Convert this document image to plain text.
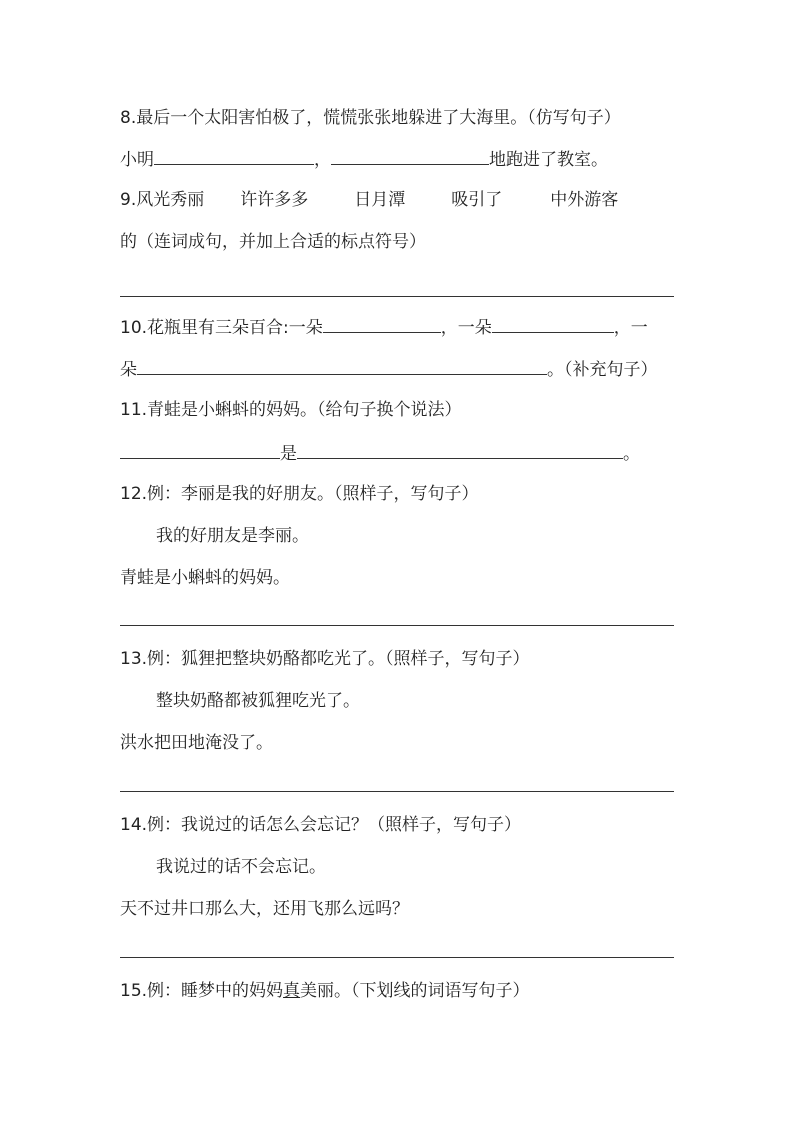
8.最后一个太阳害怕极了，慌慌张张地躲进了大海里。（仿写句子）
小明	，	地跑进了教室。
9.风光秀丽 许许多多	日月潭	吸引了	中外游客
的（连词成句，并加上合适的标点符号）
10.花瓶里有三朵百合:一朵	，一朵	，一
朵	。（补充句子）
11.青蛙是小蝌蚪的妈妈。（给句子换个说法）
是	。
12.例：李丽是我的好朋友。（照样子，写句子）
我的好朋友是李丽。
青蛙是小蝌蚪的妈妈。
13.例：狐狸把整块奶酪都吃光了。（照样子，写句子）
整块奶酪都被狐狸吃光了。
洪水把田地淹没了。
14.例：我说过的话怎么会忘记？（照样子，写句子）
我说过的话不会忘记。
天不过井口那么大，还用飞那么远吗？
15.例：睡梦中的妈妈真美丽。（下划线的词语写句子）
